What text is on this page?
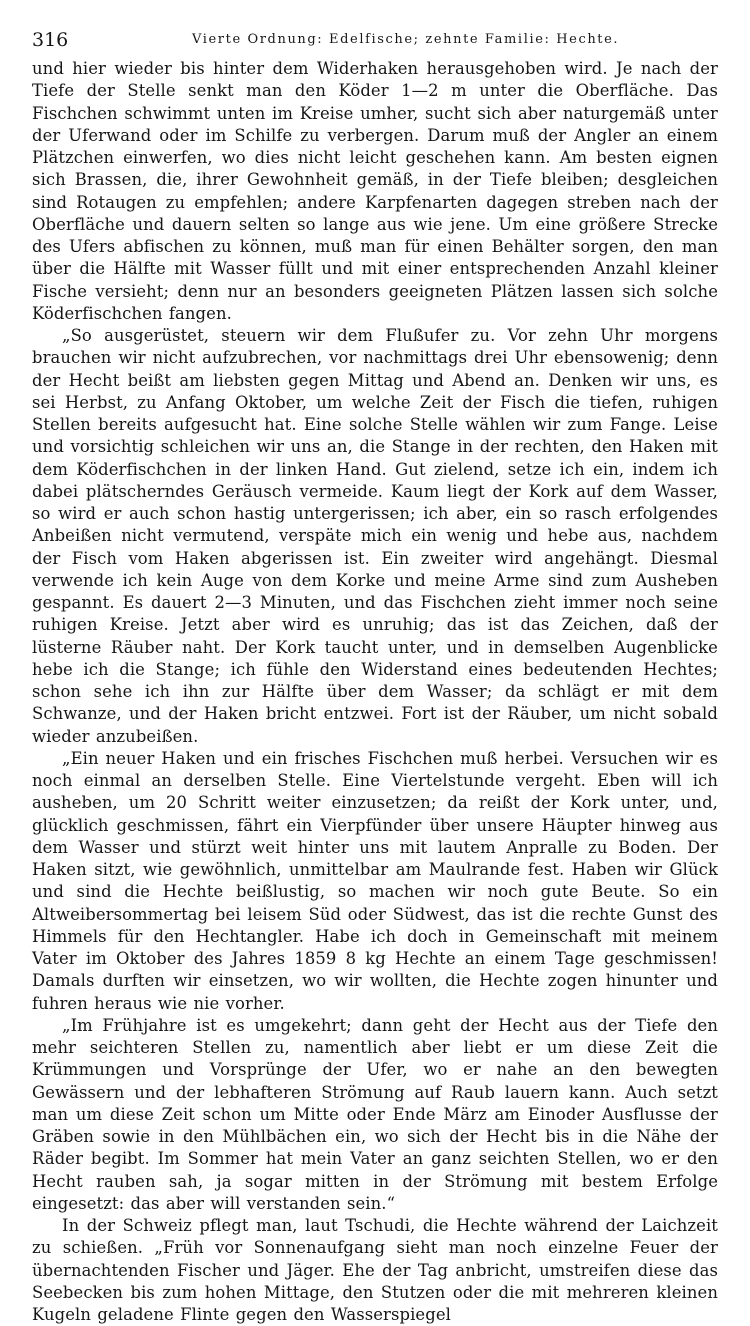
316	Vierte Ordnung: Edelfische; zehnte Familie: Hechte.

und hier wieder bis hinter dem Widerhaken herausgehoben wird. Je nach der Tiefe der Stelle senkt man den Köder 1—2 m unter die Oberfläche. Das Fischchen schwimmt unten im Kreise umher, sucht sich aber naturgemäß unter der Uferwand oder im Schilfe zu verbergen. Darum muß der Angler an einem Plätzchen einwerfen, wo dies nicht leicht geschehen kann. Am besten eignen sich Brassen, die, ihrer Gewohnheit gemäß, in der Tiefe bleiben; desgleichen sind Rotaugen zu empfehlen; andere Karpfenarten dagegen streben nach der Oberfläche und dauern selten so lange aus wie jene. Um eine größere Strecke des Ufers abfischen zu können, muß man für einen Behälter sorgen, den man über die Hälfte mit Wasser füllt und mit einer entsprechenden Anzahl kleiner Fische versieht; denn nur an besonders geeigneten Plätzen lassen sich solche Köderfischchen fangen.

„So ausgerüstet, steuern wir dem Flußufer zu. Vor zehn Uhr morgens brauchen wir nicht aufzubrechen, vor nachmittags drei Uhr ebensowenig; denn der Hecht beißt am liebsten gegen Mittag und Abend an. Denken wir uns, es sei Herbst, zu Anfang Oktober, um welche Zeit der Fisch die tiefen, ruhigen Stellen bereits aufgesucht hat. Eine solche Stelle wählen wir zum Fange. Leise und vorsichtig schleichen wir uns an, die Stange in der rechten, den Haken mit dem Köderfischchen in der linken Hand. Gut zielend, setze ich ein, indem ich dabei plätscherndes Geräusch vermeide. Kaum liegt der Kork auf dem Wasser, so wird er auch schon hastig untergerissen; ich aber, ein so rasch erfolgendes Anbeißen nicht vermutend, verspäte mich ein wenig und hebe aus, nachdem der Fisch vom Haken abgerissen ist. Ein zweiter wird angehängt. Diesmal verwende ich kein Auge von dem Korke und meine Arme sind zum Ausheben gespannt. Es dauert 2—3 Minuten, und das Fischchen zieht immer noch seine ruhigen Kreise. Jetzt aber wird es unruhig; das ist das Zeichen, daß der lüsterne Räuber naht. Der Kork taucht unter, und in demselben Augenblicke hebe ich die Stange; ich fühle den Widerstand eines bedeutenden Hechtes; schon sehe ich ihn zur Hälfte über dem Wasser; da schlägt er mit dem Schwanze, und der Haken bricht entzwei. Fort ist der Räuber, um nicht sobald wieder anzubeißen.

„Ein neuer Haken und ein frisches Fischchen muß herbei. Versuchen wir es noch einmal an derselben Stelle. Eine Viertelstunde vergeht. Eben will ich ausheben, um 20 Schritt weiter einzusetzen; da reißt der Kork unter, und, glücklich geschmissen, fährt ein Vierpfünder über unsere Häupter hinweg aus dem Wasser und stürzt weit hinter uns mit lautem Anpralle zu Boden. Der Haken sitzt, wie gewöhnlich, unmittelbar am Maulrande fest. Haben wir Glück und sind die Hechte beißlustig, so machen wir noch gute Beute. So ein Altweibersommertag bei leisem Süd oder Südwest, das ist die rechte Gunst des Himmels für den Hechtangler. Habe ich doch in Gemeinschaft mit meinem Vater im Oktober des Jahres 1859 8 kg Hechte an einem Tage geschmissen! Damals durften wir einsetzen, wo wir wollten, die Hechte zogen hinunter und fuhren heraus wie nie vorher.

„Im Frühjahre ist es umgekehrt; dann geht der Hecht aus der Tiefe den mehr seichteren Stellen zu, namentlich aber liebt er um diese Zeit die Krümmungen und Vorsprünge der Ufer, wo er nahe an den bewegten Gewässern und der lebhafteren Strömung auf Raub lauern kann. Auch setzt man um diese Zeit schon um Mitte oder Ende März am Einoder Ausflusse der Gräben sowie in den Mühlbächen ein, wo sich der Hecht bis in die Nähe der Räder begibt. Im Sommer hat mein Vater an ganz seichten Stellen, wo er den Hecht rauben sah, ja sogar mitten in der Strömung mit bestem Erfolge eingesetzt: das aber will verstanden sein.“

In der Schweiz pflegt man, laut Tschudi, die Hechte während der Laichzeit zu schießen. „Früh vor Sonnenaufgang sieht man noch einzelne Feuer der übernachtenden Fischer und Jäger. Ehe der Tag anbricht, umstreifen diese das Seebecken bis zum hohen Mittage, den Stutzen oder die mit mehreren kleinen Kugeln geladene Flinte gegen den Wasserspiegel
